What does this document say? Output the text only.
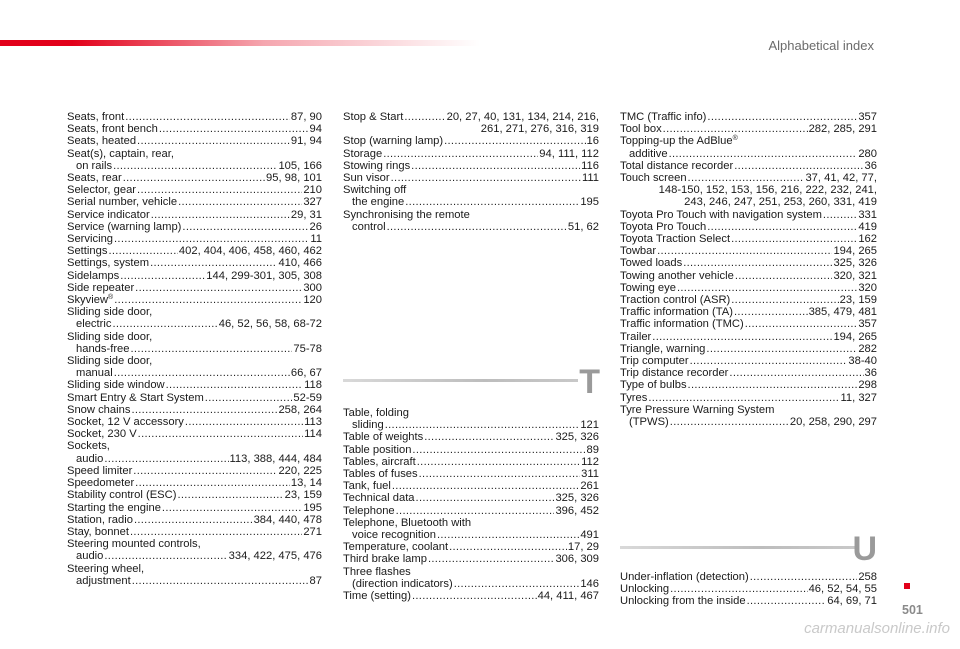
Alphabetical index
Seats, front .....	87, 90
Seats, front bench .....	94
Seats, heated .....	91, 94
Seat(s), captain, rear,
on rails .....	105, 166
Seats, rear .....	95, 98, 101
Selector, gear .....	210
Serial number, vehicle .....	327
Service indicator .....	29, 31
Service (warning lamp) .....	26
Servicing .....	11
Settings .....	402, 404, 406, 458, 460, 462
Settings, system .....	410, 466
Sidelamps .....	144, 299-301, 305, 308
Side repeater .....	300
Skyview® .....	120
Sliding side door,
electric .....	46, 52, 56, 58, 68-72
Sliding side door,
hands-free .....	75-78
Sliding side door,
manual .....	66, 67
Sliding side window .....	118
Smart Entry & Start System .....	52-59
Snow chains .....	258, 264
Socket, 12 V accessory .....	113
Socket, 230 V .....	114
Sockets,
audio .....	113, 388, 444, 484
Speed limiter .....	220, 225
Speedometer .....	13, 14
Stability control (ESC) .....	23, 159
Starting the engine .....	195
Station, radio .....	384, 440, 478
Stay, bonnet .....	271
Steering mounted controls,
audio .....	334, 422, 475, 476
Steering wheel,
adjustment .....	87
Stop & Start .....	20, 27, 40, 131, 134, 214, 216,
261, 271, 276, 316, 319
Stop (warning lamp) .....	16
Storage .....	94, 111, 112
Stowing rings .....	116
Sun visor .....	111
Switching off
the engine .....	195
Synchronising the remote
control .....	51, 62
T
Table, folding
sliding .....	121
Table of weights .....	325, 326
Table position .....	89
Tables, aircraft .....	112
Tables of fuses .....	311
Tank, fuel .....	261
Technical data .....	325, 326
Telephone .....	396, 452
Telephone, Bluetooth with
voice recognition .....	491
Temperature, coolant .....	17, 29
Third brake lamp .....	306, 309
Three flashes
(direction indicators) .....	146
Time (setting) .....	44, 411, 467
TMC (Traffic info) .....	357
Tool box .....	282, 285, 291
Topping-up the AdBlue®
additive .....	280
Total distance recorder .....	36
Touch screen .....	37, 41, 42, 77,
148-150, 152, 153, 156, 216, 222, 232, 241,
243, 246, 247, 251, 253, 260, 331, 419
Toyota Pro Touch with navigation system .....	331
Toyota Pro Touch .....	419
Toyota Traction Select .....	162
Towbar .....	194, 265
Towed loads .....	325, 326
Towing another vehicle .....	320, 321
Towing eye .....	320
Traction control (ASR) .....	23, 159
Traffic information (TA) .....	385, 479, 481
Traffic information (TMC) .....	357
Trailer .....	194, 265
Triangle, warning .....	282
Trip computer .....	38-40
Trip distance recorder .....	36
Type of bulbs .....	298
Tyres .....	11, 327
Tyre Pressure Warning System
(TPWS) .....	20, 258, 290, 297
U
Under-inflation (detection) .....	258
Unlocking .....	46, 52, 54, 55
Unlocking from the inside .....	64, 69, 71
501
carmanualsonline.info
